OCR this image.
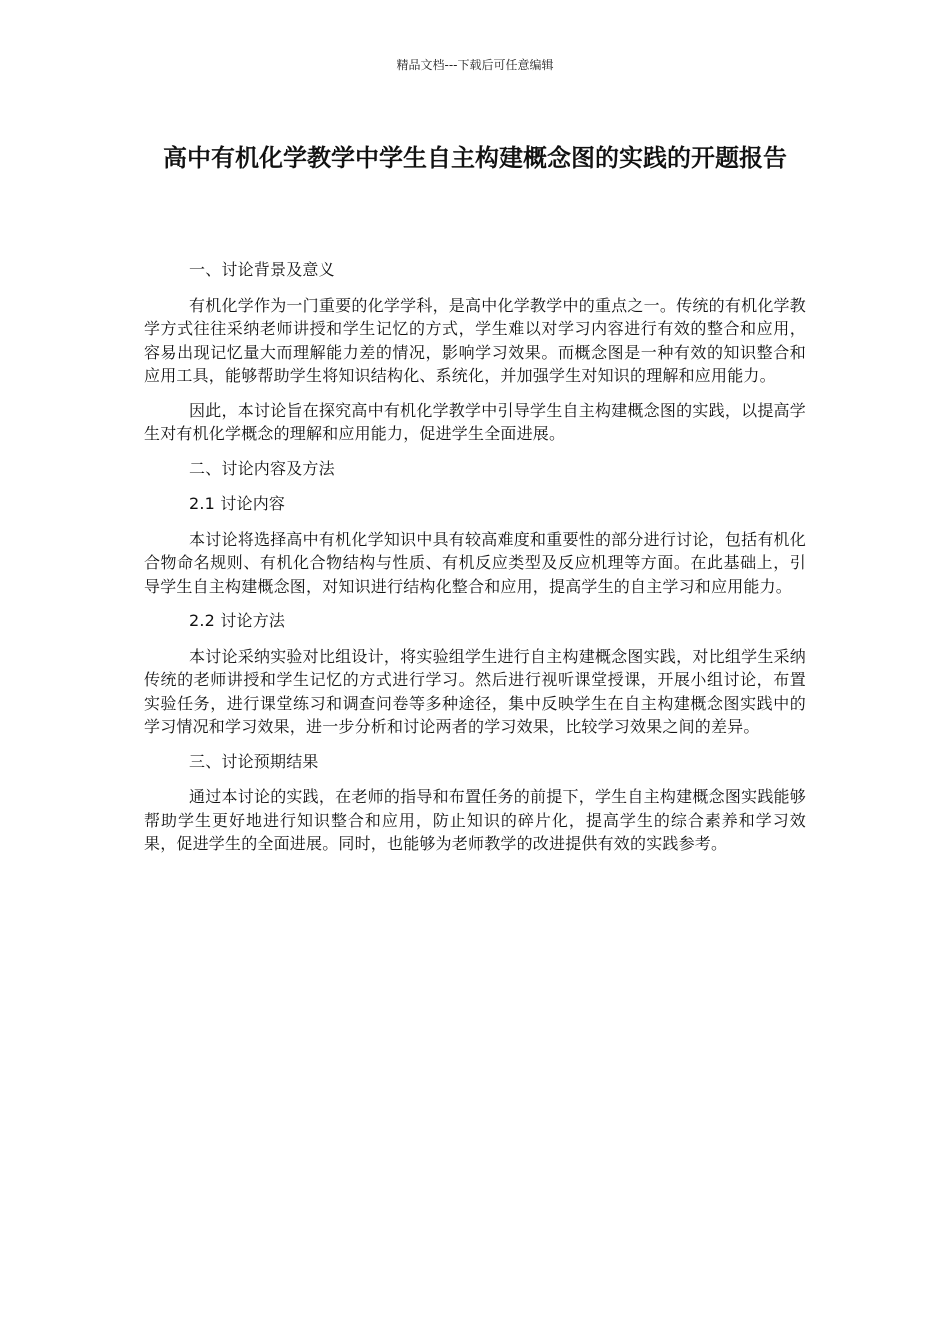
精品文档---下载后可任意编辑
高中有机化学教学中学生自主构建概念图的实践的开题报告

一、讨论背景及意义

有机化学作为一门重要的化学学科，是高中化学教学中的重点之一。传统的有机化学教学方式往往采纳老师讲授和学生记忆的方式，学生难以对学习内容进行有效的整合和应用，容易出现记忆量大而理解能力差的情况，影响学习效果。而概念图是一种有效的知识整合和应用工具，能够帮助学生将知识结构化、系统化，并加强学生对知识的理解和应用能力。

因此，本讨论旨在探究高中有机化学教学中引导学生自主构建概念图的实践，以提高学生对有机化学概念的理解和应用能力，促进学生全面进展。

二、讨论内容及方法

2.1 讨论内容

本讨论将选择高中有机化学知识中具有较高难度和重要性的部分进行讨论，包括有机化合物命名规则、有机化合物结构与性质、有机反应类型及反应机理等方面。在此基础上，引导学生自主构建概念图，对知识进行结构化整合和应用，提高学生的自主学习和应用能力。

2.2 讨论方法

本讨论采纳实验对比组设计，将实验组学生进行自主构建概念图实践，对比组学生采纳传统的老师讲授和学生记忆的方式进行学习。然后进行视听课堂授课，开展小组讨论，布置实验任务，进行课堂练习和调查问卷等多种途径，集中反映学生在自主构建概念图实践中的学习情况和学习效果，进一步分析和讨论两者的学习效果，比较学习效果之间的差异。

三、讨论预期结果

通过本讨论的实践，在老师的指导和布置任务的前提下，学生自主构建概念图实践能够帮助学生更好地进行知识整合和应用，防止知识的碎片化，提高学生的综合素养和学习效果，促进学生的全面进展。同时，也能够为老师教学的改进提供有效的实践参考。
